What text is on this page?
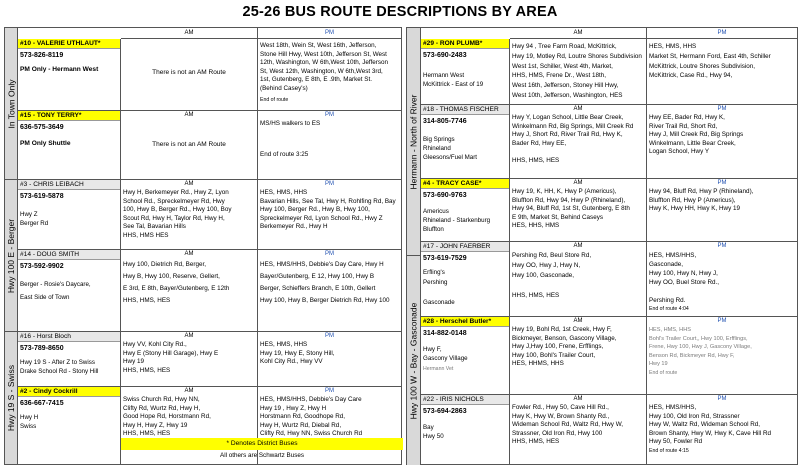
25-26 BUS ROUTE DESCRIPTIONS BY AREA
AM	PM
In Town Only
Hwy 100 E - Berger
Hwy 19 S - Swiss
#10 - VALERIE UTHLAUT*
573-826-8119
PM Only - Hermann West	There is not an AM Route
West 18th, Wein St, West 16th, Jefferson,
Stone Hill Hwy, West 10th, Jefferson St, West
12th, Washington, W 6th,West 10th, Jefferson
St, West 12th, Washington, W 6th,West 3rd,
1st, Gutenberg, E 8th, E .9th, Market St.
(Behind Casey's)
End of route
#15 - TONY TERRY*
636-575-3649
PM Only Shuttle
AM
There is not an AM Route
PM
MS/HS walkers to ES
End of route 3:25
#3 - CHRIS LEIBACH
573-619-5878
Hwy Z
Berger Rd
AM
Hwy H, Berkemeyer Rd., Hwy Z, Lyon
School Rd., Spreckelmeyer Rd, Hwy
100, Hwy B, Berger Rd., Hwy 100, Boy
Scout Rd, Hwy H, Taylor Rd, Hwy H,
See Tal, Bavarian Hills
HHS, HMS HES
PM
HES, HMS, HHS
Bavarian Hills, See Tal, Hwy H, Rohlfing Rd, Bay
Hwy 100, Berger Rd., Hwy B, Hwy 100,
Spreckelmeyer Rd, Lyon School Rd., Hwy Z
Berkemeyer Rd., Hwy H
#14 - DOUG SMITH
573-592-9902
Berger - Rosie's Daycare,
East Side of Town
AM
Hwy 100, Dietrich Rd, Berger,
Hwy B, Hwy 100, Reserve, Gellert,
E 3rd, E 8th, Bayer/Gutenberg, E 12th
HHS, HMS, HES
PM
HES, HMS/HHS, Debbie's Day Care, Hwy H
Bayer/Gutenberg, E 12, Hwy 100, Hwy B
Berger, Schieffers Branch, E 10th, Gellert
Hwy 100, Hwy B, Berger Dietrich Rd, Hwy 100
#16 - Horst Bloch
573-789-8650
Hwy 19 S - After Z to Swiss
Drake School Rd - Stony Hill
AM
Hwy VV, Kohl City Rd.,
Hwy E (Stony Hill Garage), Hwy E
Hwy 19
HHS, HMS, HES
PM
HES, HMS, HHS
Hwy 19, Hwy E, Stony Hill,
Kohl City Rd., Hwy VV
#2 - Cindy Cockrill
636-667-7415
Hwy H
Swiss
AM
Swiss Church Rd, Hwy NN,
Clifty Rd, Wurtz Rd, Hwy H,
Good Hope Rd, Horstmann Rd,
Hwy H, Hwy Z, Hwy 19
HHS, HMS, HES
PM
HES, HMS/HHS, Debbie's Day Care
Hwy 19 , Hwy Z, Hwy H
Horstmann Rd, Goodhope Rd,
Hwy H, Wurtz Rd, Diebal Rd,
Clifty Rd, Hwy NN, Swiss Church Rd
* Denotes District Buses
All others are Schwartz Buses
AM	PM
Hermann - North of River
Hwy 100 W - Bay - Gasconade
#29 - RON PLUMB*
573-690-2483
Hermann West
McKittrick - East of 19
Hwy 94 , Tree Farm Road, McKittrick,
Hwy 19, Motley Rd, Loutre Shores Subdivision
West 1st, Schiller, West 4th, Market,
HHS, HMS, Frene Dr., West 18th,
West 16th, Jefferson, Stoney Hill Hwy,
West 10th, Jefferson, Washington, HES
HES, HMS, HHS
Market St, Hermann Ford, East 4th, Schiller
McKittrick, Loutre Shores Subdivision,
McKittrick, Case Rd., Hwy 94,
#18 - THOMAS FISCHER
314-805-7746
Big Springs
Rhineland
Gleesons/Fuel Mart
AM
Hwy Y, Logan School, Little Bear Creek,
Winkelmann Rd, Big Springs, Mill Creek Rd
Hwy J, Short Rd, River Trail Rd, Hwy K,
Bader Rd, Hwy EE,

HHS, HMS, HES
PM
Hwy EE, Bader Rd, Hwy K,
River Trail Rd, Short Rd,
Hwy J, Mill Creek Rd, Big Springs
Winkelmann, Little Bear Creek,
Logan School, Hwy Y
#4 - TRACY CASE*
573-690-9763
Americus
Rhineland - Starkenburg
Bluffton
AM
Hwy 19, K, HH, K, Hwy P (Americus),
Bluffton Rd, Hwy 94, Hwy P (Rhineland),
Hwy 94, Bluff Rd, 1st St, Gutenberg, E 8th
E 9th, Market St, Behind Caseys
HES, HHS, HMS
PM
Hwy 94, Bluff Rd, Hwy P (Rhineland),
Bluffton Rd, Hwy P (Americus),
Hwy K, Hwy HH, Hwy K, Hwy 19
#17 - JOHN FAERBER
573-619-7529
Erfling's
Pershing

Gasconade
AM
Pershing Rd, Beul Store Rd,
Hwy OO, Hwy J, Hwy N,
Hwy 100, Gasconade,

HHS, HMS, HES
PM
HES, HMS/HHS,
Gasconade,
Hwy 100, Hwy N, Hwy J,
Hwy OO, Buel Store Rd.,

Pershing Rd.
End of route 4:04
#28 - Herschel Butler*
314-882-0148
Hwy F,
Gascony Village
Hermann Vet
AM
Hwy 19, Bohl Rd, 1st Creek, Hwy F,
Bickmeyer, Benson, Gascony Village,
Hwy J,Hwy 100, Frene, Erfflings,
Hwy 100, Bohl's Trailer Court,
HES, HHMS, HHS
PM
HES, HMS, HHS
Bohl's Trailer Court,, Hwy 100, Erfflings,
Frene, Hwy 100, Hwy J, Gascony Village,
Benson Rd, Bickmeyer Rd, Hwy F,
Hwy 19
End of route
#22 - IRIS NICHOLS
573-694-2863
Bay
Hwy 50
AM
Fowler Rd., Hwy 50, Cave Hill Rd.,
Hwy K, Hwy W, Brown Shanty Rd.,
Wideman School Rd, Waltz Rd, Hwy W,
Strassner, Old Iron Rd, Hwy 100
HHS, HMS, HES
PM
HES, HMS/HHS,
Hwy 100, Old Iron Rd, Strassner
Hwy W, Waltz Rd, Wideman School Rd,
Brown Shanty, Hwy W, Hwy K, Cave Hill Rd
Hwy 50, Fowler Rd
End of route 4:15
